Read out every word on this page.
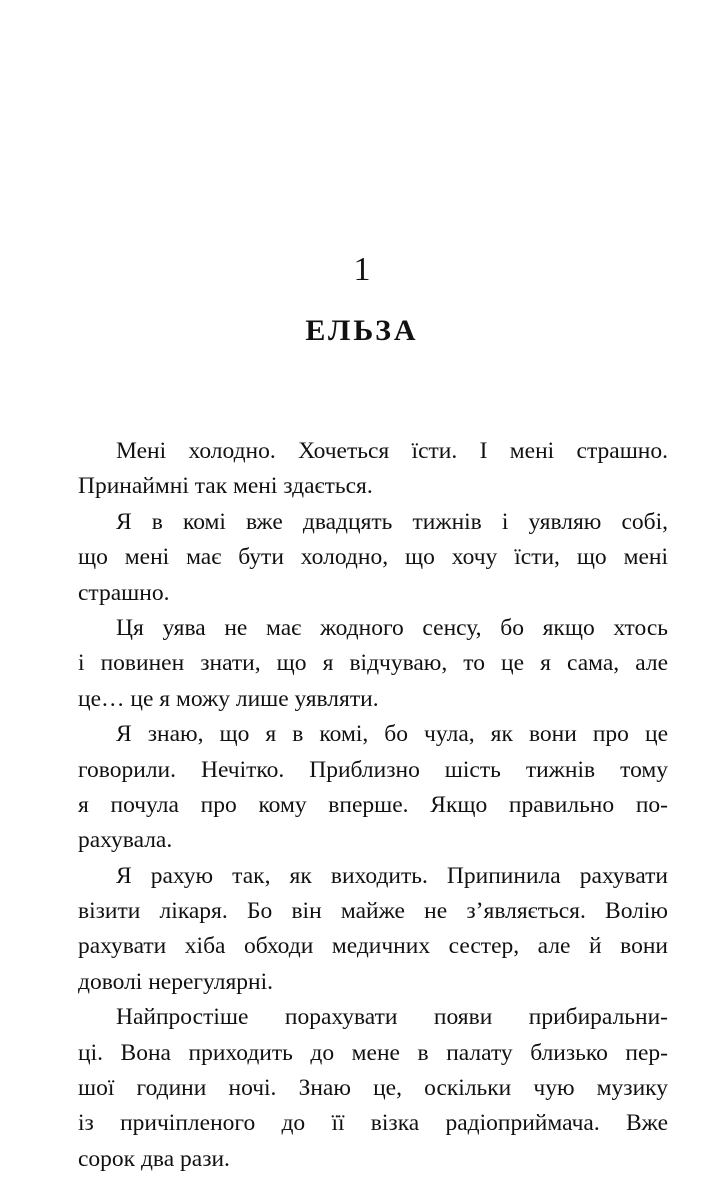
1
ЕЛЬЗА
Мені холодно. Хочеться їсти. І мені страшно.
Принаймні так мені здається.
Я в комі вже двадцять тижнів і уявляю собі,
що мені має бути холодно, що хочу їсти, що мені
страшно.
Ця уява не має жодного сенсу, бо якщо хтось
і повинен знати, що я відчуваю, то це я сама, але
це… це я можу лише уявляти.
Я знаю, що я в комі, бо чула, як вони про це
говорили. Нечітко. Приблизно шість тижнів тому
я почула про кому вперше. Якщо правильно по-
рахувала.
Я рахую так, як виходить. Припинила рахувати
візити лікаря. Бо він майже не з’являється. Волію
рахувати хіба обходи медичних сестер, але й вони
доволі нерегулярні.
Найпростіше порахувати появи прибиральни-
ці. Вона приходить до мене в палату близько пер-
шої години ночі. Знаю це, оскільки чую музику
із причіпленого до її візка радіоприймача. Вже
сорок два рази.
